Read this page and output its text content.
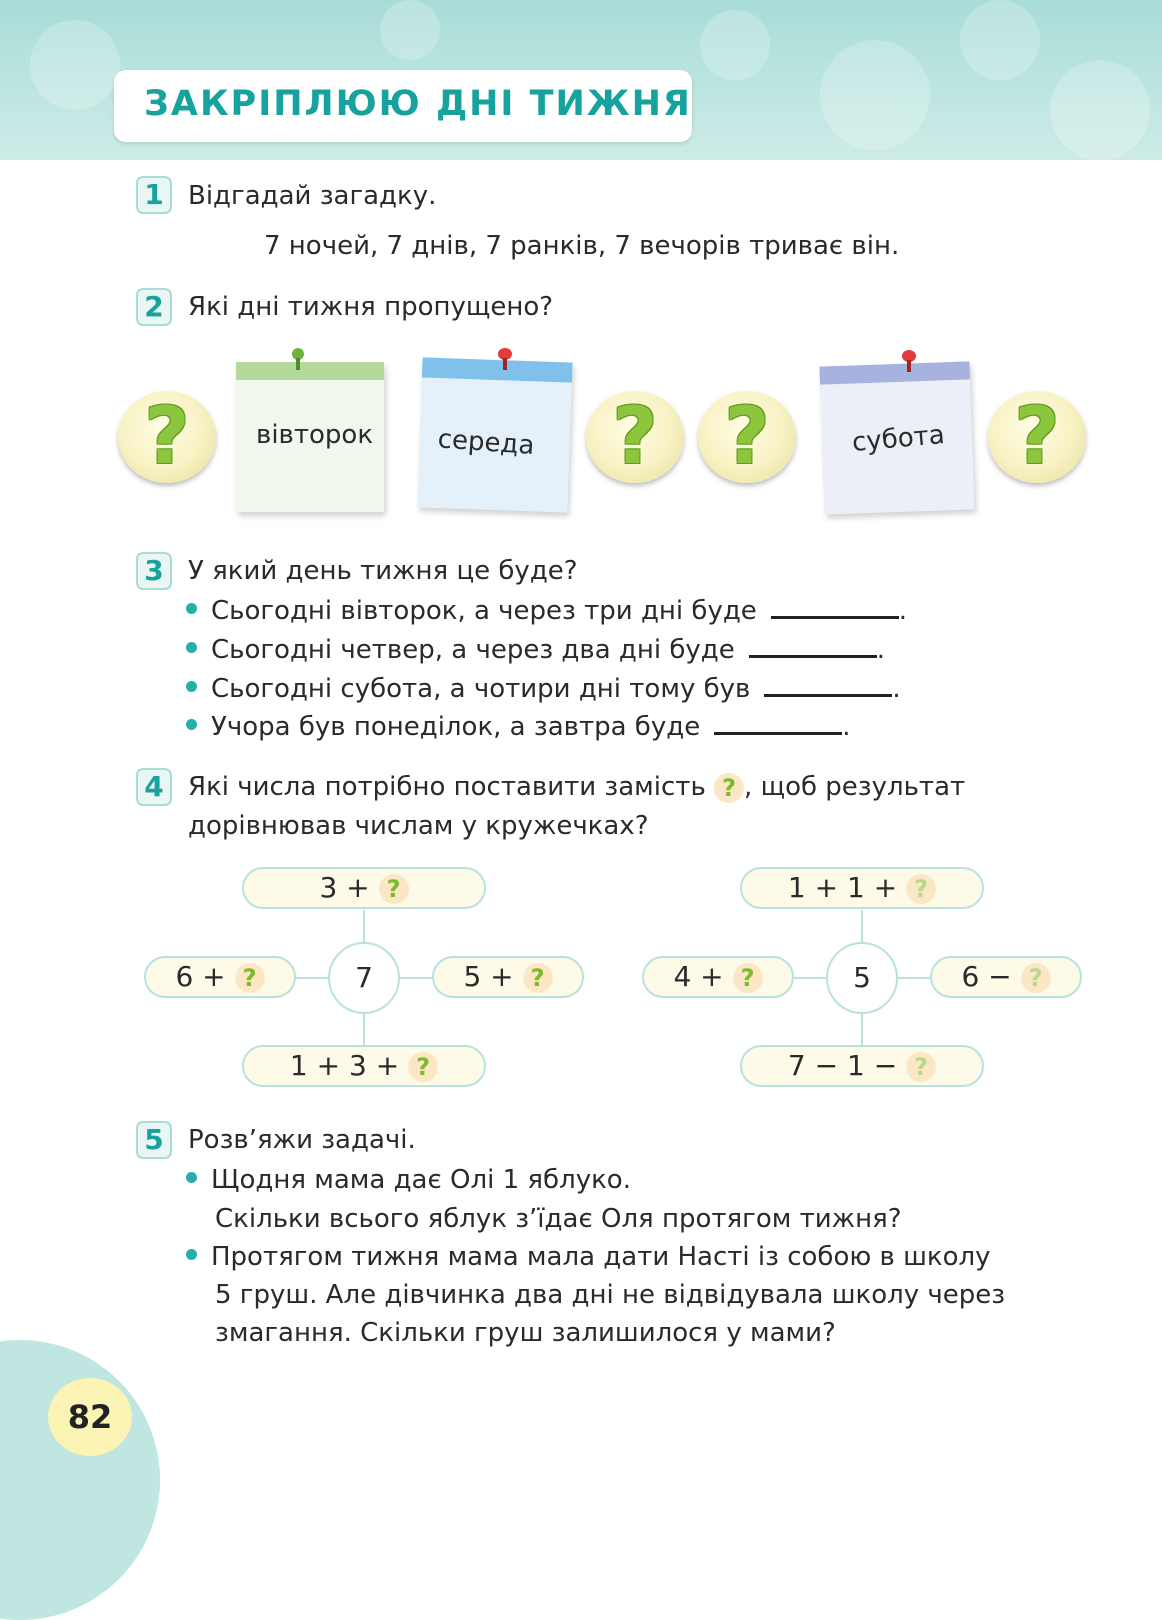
ЗАКРІПЛЮЮ ДНІ ТИЖНЯ
1 Відгадай загадку.
7 ночей, 7 днів, 7 ранків, 7 вечорів триває він.
2 Які дні тижня пропущено?
?	вівторок середа ? ?	субота ?
3 У який день тижня це буде?
Сьогодні вівторок, а через три дні буде	.
Сьогодні четвер, а через два дні буде	.
Сьогодні субота, а чотири дні тому був	.
Учора був понеділок, а завтра буде	.
4 Які числа потрібно поставити замість ? , щоб результат
дорівнював числам у кружечках?
3 + ?
6 + ?	7	5 + ?
1 + 3 + ?
1 + 1 + ?
4 + ?	5	6 − ?
7 − 1 − ?
5 Розв’яжи задачі.
Щодня мама дає Олі 1 яблуко.
Скільки всього яблук з’їдає Оля протягом тижня?
Протягом тижня мама мала дати Насті із собою в школу
5 груш. Але дівчинка два дні не відвідувала школу через
змагання. Скільки груш залишилося у мами?
82
